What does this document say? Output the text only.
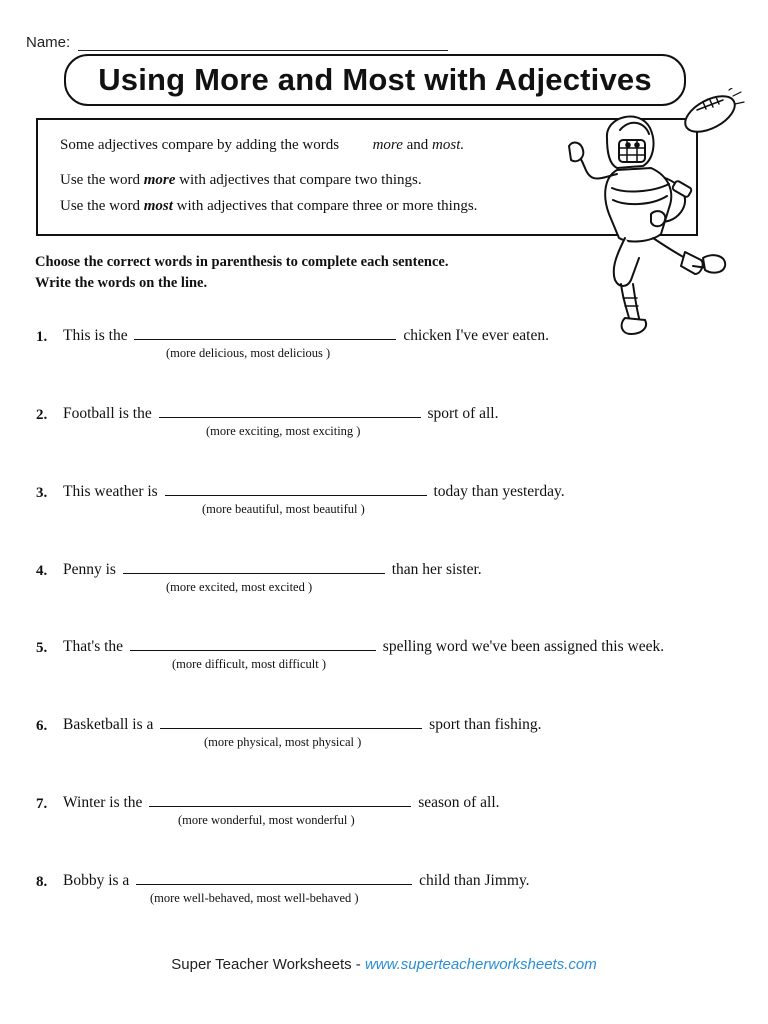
Name:
Using More and Most with Adjectives
Some adjectives compare by adding the words more and most.
Use the word more with adjectives that compare two things.
Use the word most with adjectives that compare three or more things.
Choose the correct words in parenthesis to complete each sentence.
Write the words on the line.
1. This is the	chicken I've ever eaten.
(more delicious, most delicious )
2. Football is the	sport of all.
(more exciting, most exciting )
3. This weather is	today than yesterday.
(more beautiful, most beautiful )
4. Penny is	than her sister.
(more excited, most excited )
5. That's the	spelling word we've been assigned this week.
(more difficult, most difficult )
6. Basketball is a	sport than fishing.
(more physical, most physical )
7. Winter is the	season of all.
(more wonderful, most wonderful )
8. Bobby is a	child than Jimmy.
(more well-behaved, most well-behaved )
Super Teacher Worksheets - www.superteacherworksheets.com
